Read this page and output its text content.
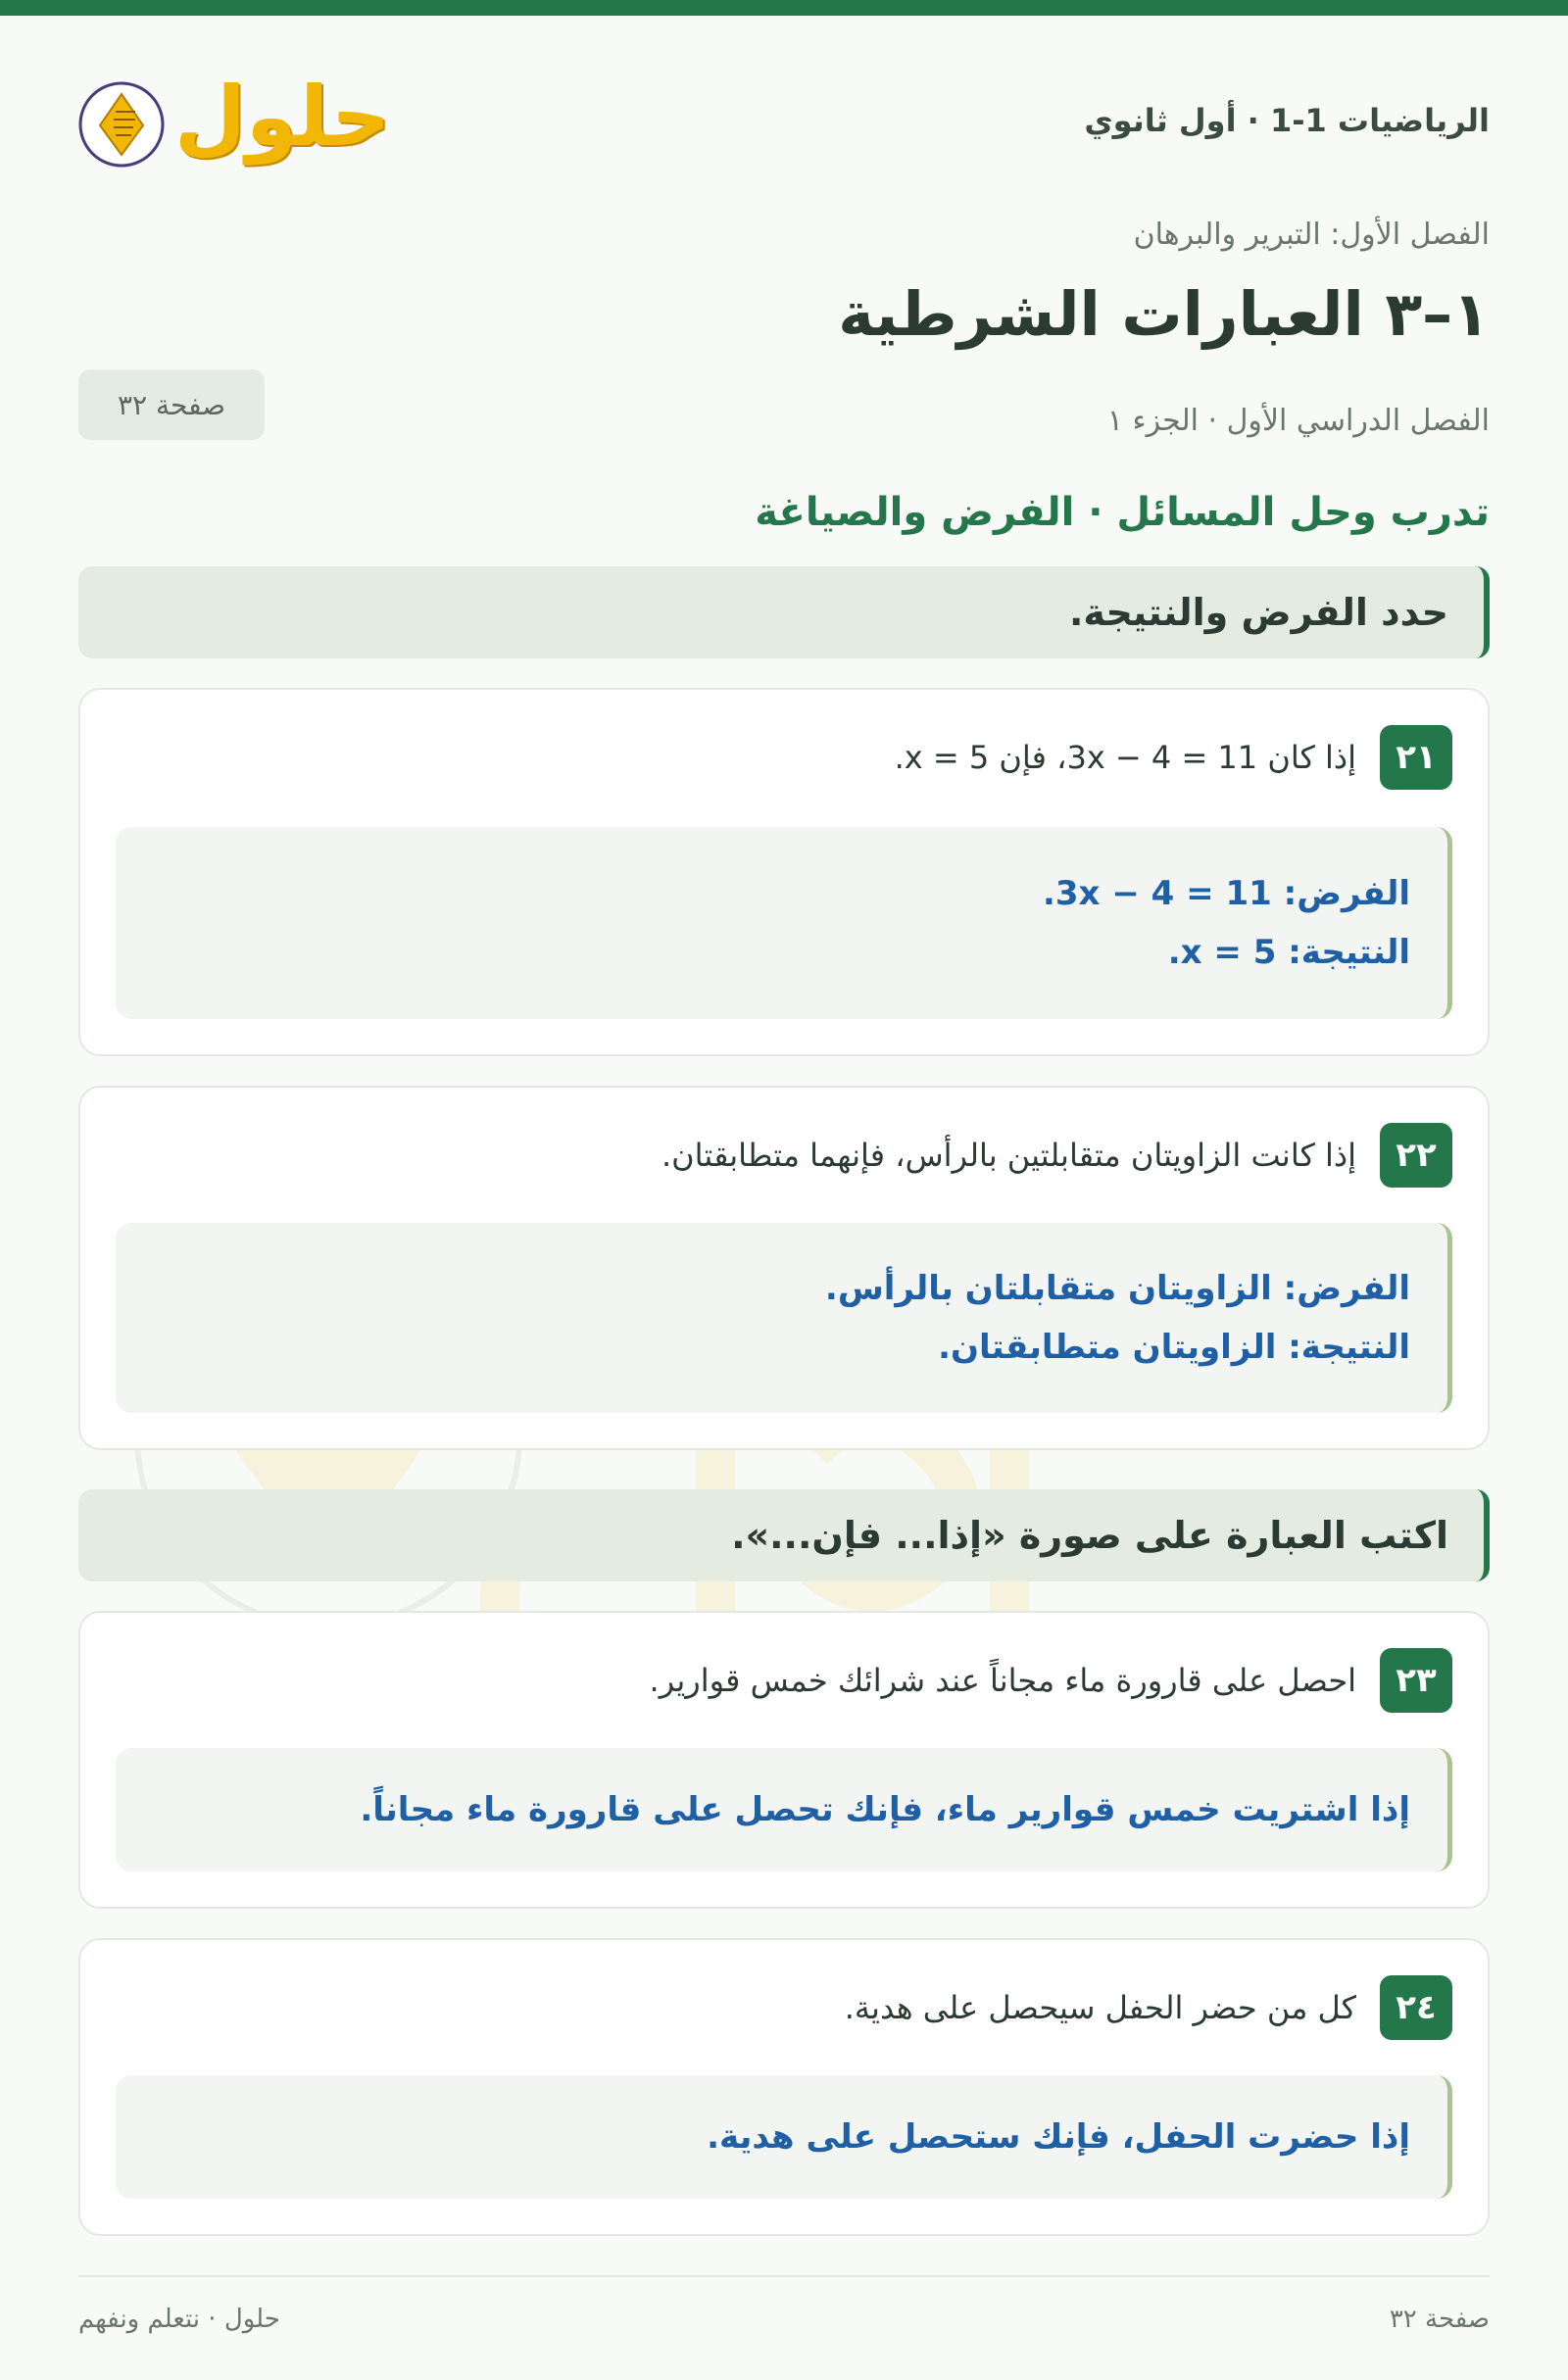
الرياضيات 1-1 · أول ثانوي
حلول
الفصل الأول: التبرير والبرهان
١–٣ العبارات الشرطية
الفصل الدراسي الأول · الجزء ١
صفحة ٣٢
تدرب وحل المسائل · الفرض والصياغة
حدد الفرض والنتيجة.
٢١
إذا كان 3x − 4 = 11، فإن x = 5.
الفرض: 3x − 4 = 11.
النتيجة: x = 5.
٢٢
إذا كانت الزاويتان متقابلتين بالرأس، فإنهما متطابقتان.
الفرض: الزاويتان متقابلتان بالرأس.
النتيجة: الزاويتان متطابقتان.
اكتب العبارة على صورة «إذا... فإن...».
٢٣
احصل على قارورة ماء مجاناً عند شرائك خمس قوارير.
إذا اشتريت خمس قوارير ماء، فإنك تحصل على قارورة ماء مجاناً.
٢٤
كل من حضر الحفل سيحصل على هدية.
إذا حضرت الحفل، فإنك ستحصل على هدية.
صفحة ٣٢
حلول · نتعلم ونفهم
